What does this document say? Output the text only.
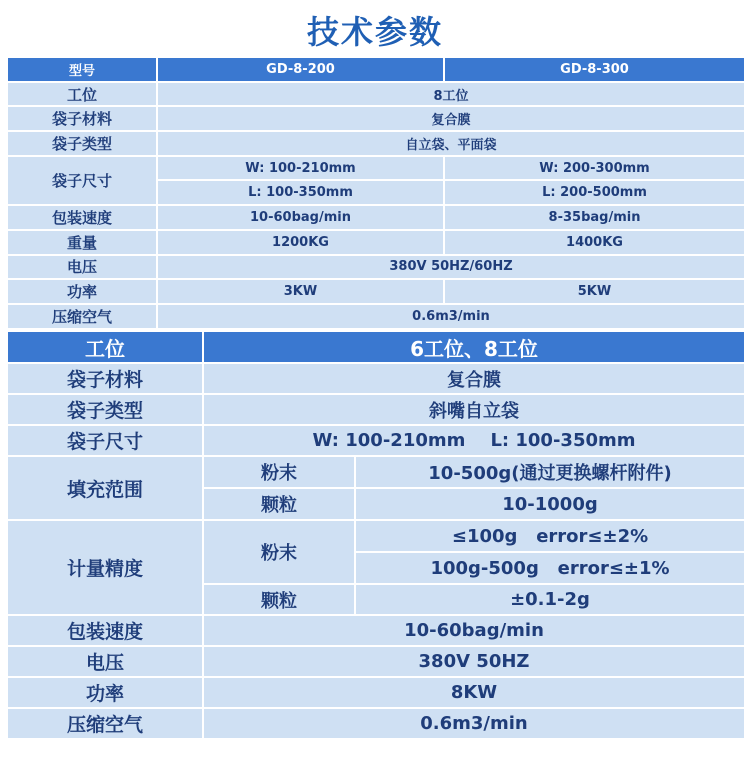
技术参数
型号	GD-8-200	GD-8-300
工位	8工位	
袋子材料	复合膜	
袋子类型	自立袋、平面袋	
袋子尺寸	W: 100-210mm	W: 200-300mm
	L: 100-350mm	L: 200-500mm
包装速度	10-60bag/min	8-35bag/min
重量	1200KG	1400KG
电压	380V 50HZ/60HZ	
功率	3KW	5KW
压缩空气	0.6m3/min	
工位	6工位、8工位	
袋子材料	复合膜	
袋子类型	斜嘴自立袋	
袋子尺寸	W: 100-210mm    L: 100-350mm	
填充范围	粉末	10-500g(通过更换螺杆附件)
	颗粒	10-1000g
计量精度	粉末	≤100g   error≤±2%
		100g-500g   error≤±1%
	颗粒	±0.1-2g
包装速度	10-60bag/min	
电压	380V 50HZ	
功率	8KW	
压缩空气	0.6m3/min	
